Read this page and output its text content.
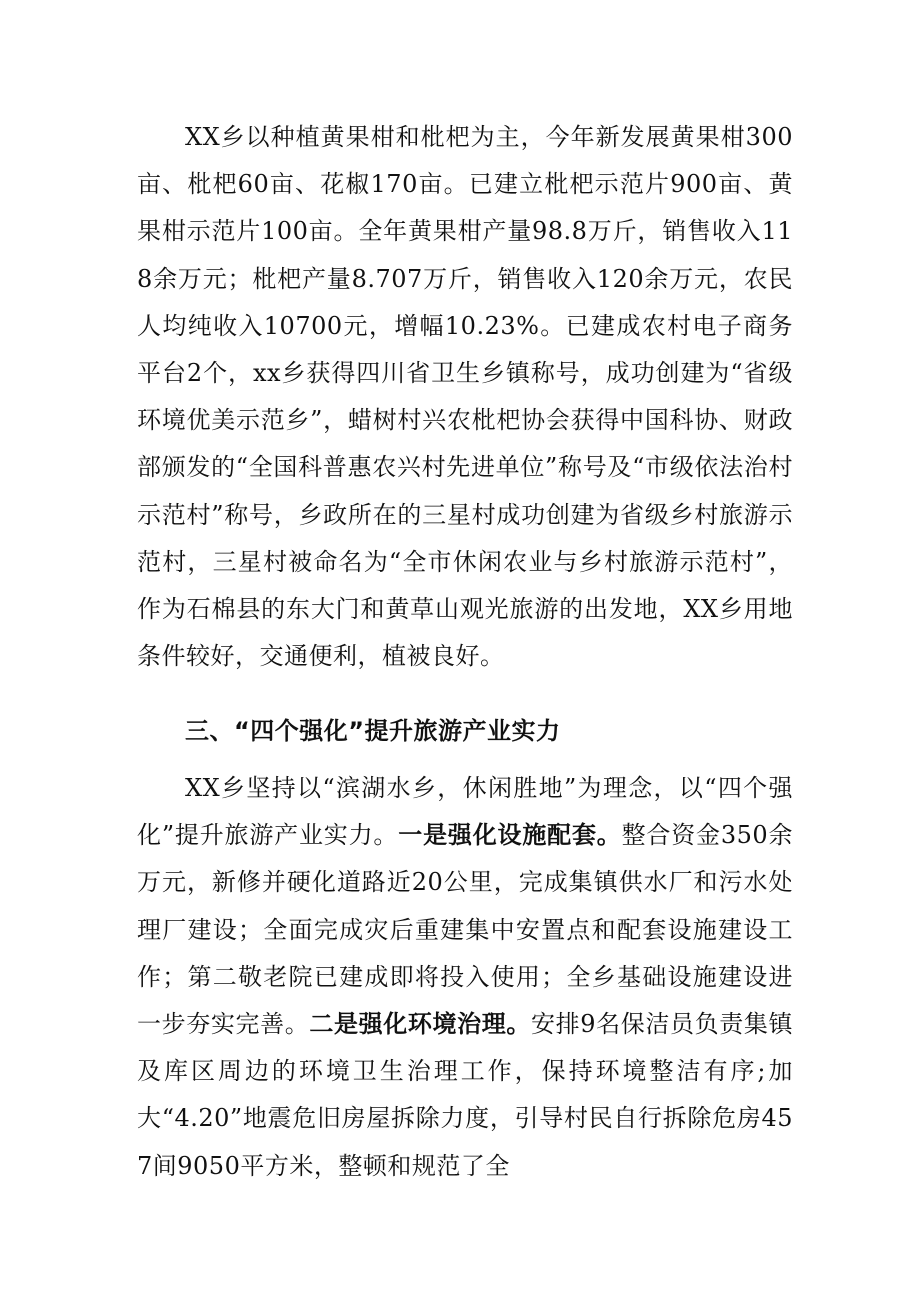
XX乡以种植黄果柑和枇杷为主，今年新发展黄果柑300亩、枇杷60亩、花椒170亩。已建立枇杷示范片900亩、黄果柑示范片100亩。全年黄果柑产量98.8万斤，销售收入118余万元；枇杷产量8.707万斤，销售收入120余万元，农民人均纯收入10700元，增幅10.23%。已建成农村电子商务平台2个，xx乡获得四川省卫生乡镇称号，成功创建为“省级环境优美示范乡”，蜡树村兴农枇杷协会获得中国科协、财政部颁发的“全国科普惠农兴村先进单位”称号及“市级依法治村示范村”称号，乡政所在的三星村成功创建为省级乡村旅游示范村，三星村被命名为“全市休闲农业与乡村旅游示范村”，作为石棉县的东大门和黄草山观光旅游的出发地，XX乡用地条件较好，交通便利，植被良好。

三、“四个强化”提升旅游产业实力

XX乡坚持以“滨湖水乡，休闲胜地”为理念，以“四个强化”提升旅游产业实力。一是强化设施配套。整合资金350余万元，新修并硬化道路近20公里，完成集镇供水厂和污水处理厂建设；全面完成灾后重建集中安置点和配套设施建设工作；第二敬老院已建成即将投入使用；全乡基础设施建设进一步夯实完善。二是强化环境治理。安排9名保洁员负责集镇及库区周边的环境卫生治理工作，保持环境整洁有序;加大“4.20”地震危旧房屋拆除力度，引导村民自行拆除危房457间9050平方米，整顿和规范了全
